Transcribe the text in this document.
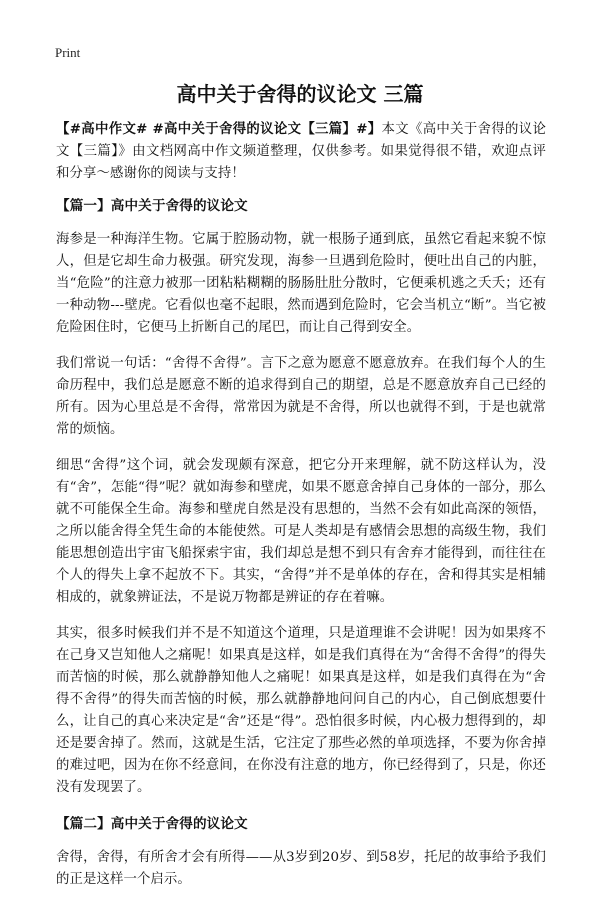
Print
高中关于舍得的议论文 三篇

【#高中作文# #高中关于舍得的议论文【三篇】#】本文《高中关于舍得的议论文【三篇】》由文档网高中作文频道整理，仅供参考。如果觉得很不错，欢迎点评和分享～感谢你的阅读与支持！

【篇一】高中关于舍得的议论文

海参是一种海洋生物。它属于腔肠动物，就一根肠子通到底，虽然它看起来貌不惊人，但是它却生命力极强。研究发现，海参一旦遇到危险时，便吐出自己的内脏，当“危险”的注意力被那一团粘粘糊糊的肠肠肚肚分散时，它便乘机逃之夭夭；还有一种动物---壁虎。它看似也毫不起眼，然而遇到危险时，它会当机立“断”。当它被危险困住时，它便马上折断自己的尾巴，而让自己得到安全。

我们常说一句话：“舍得不舍得”。言下之意为愿意不愿意放弃。在我们每个人的生命历程中，我们总是愿意不断的追求得到自己的期望，总是不愿意放弃自己已经的所有。因为心里总是不舍得，常常因为就是不舍得，所以也就得不到，于是也就常常的烦恼。

细思“舍得”这个词，就会发现颇有深意，把它分开来理解，就不防这样认为，没有“舍”，怎能“得”呢？就如海参和壁虎，如果不愿意舍掉自己身体的一部分，那么就不可能保全生命。海参和壁虎自然是没有思想的，当然不会有如此高深的领悟，之所以能舍得全凭生命的本能使然。可是人类却是有感情会思想的高级生物，我们能思想创造出宇宙飞船探索宇宙，我们却总是想不到只有舍弃才能得到，而往往在个人的得失上拿不起放不下。其实，“舍得”并不是单体的存在，舍和得其实是相辅相成的，就象辨证法，不是说万物都是辨证的存在着嘛。

其实，很多时候我们并不是不知道这个道理，只是道理谁不会讲呢！因为如果疼不在己身又岂知他人之痛呢！如果真是这样，如是我们真得在为“舍得不舍得”的得失而苦恼的时候，那么就静静知他人之痛呢！如果真是这样，如是我们真得在为“舍得不舍得”的得失而苦恼的时候，那么就静静地问问自己的内心，自己倒底想要什么，让自己的真心来决定是“舍”还是“得”。恐怕很多时候，内心极力想得到的，却还是要舍掉了。然而，这就是生活，它注定了那些必然的单项选择，不要为你舍掉的难过吧，因为在你不经意间，在你没有注意的地方，你已经得到了，只是，你还没有发现罢了。

【篇二】高中关于舍得的议论文

舍得，舍得，有所舍才会有所得——从3岁到20岁、到58岁，托尼的故事给予我们的正是这样一个启示。
